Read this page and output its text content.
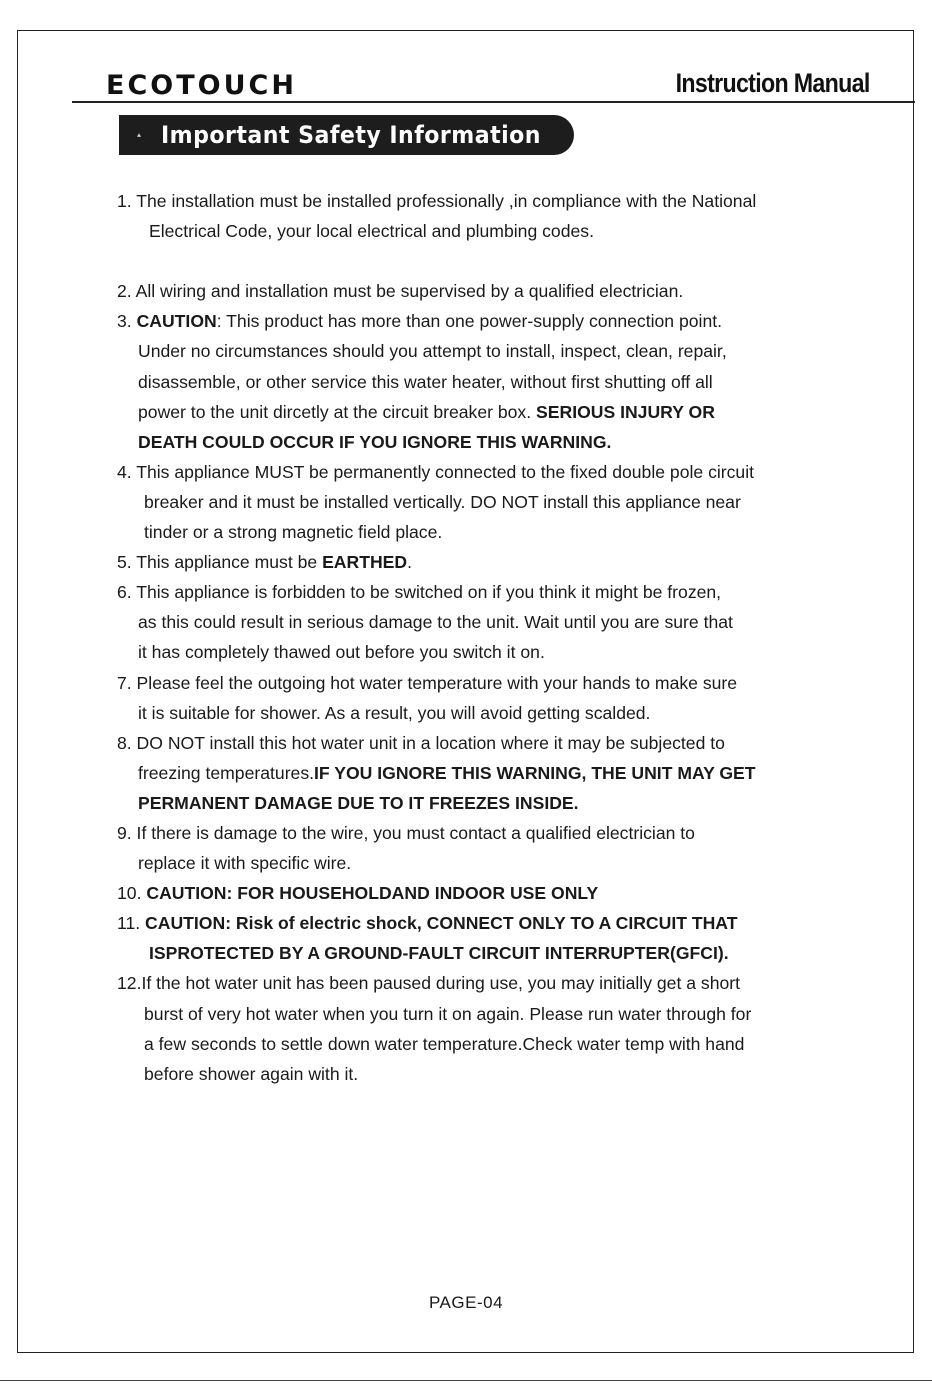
ECOTOUCH	Instruction Manual
Important Safety Information
1. The installation must be installed professionally ,in compliance with the National
Electrical Code, your local electrical and plumbing codes.
2. All wiring and installation must be supervised by a qualified electrician.
3. CAUTION: This product has more than one power-supply connection point.
Under no circumstances should you attempt to install, inspect, clean, repair,
disassemble, or other service this water heater, without first shutting off all
power to the unit dircetly at the circuit breaker box. SERIOUS INJURY OR
DEATH COULD OCCUR IF YOU IGNORE THIS WARNING.
4. This appliance MUST be permanently connected to the fixed double pole circuit
breaker and it must be installed vertically. DO NOT install this appliance near
tinder or a strong magnetic field place.
5. This appliance must be EARTHED.
6. This appliance is forbidden to be switched on if you think it might be frozen,
as this could result in serious damage to the unit. Wait until you are sure that
it has completely thawed out before you switch it on.
7. Please feel the outgoing hot water temperature with your hands to make sure
it is suitable for shower. As a result, you will avoid getting scalded.
8. DO NOT install this hot water unit in a location where it may be subjected to
freezing temperatures.IF YOU IGNORE THIS WARNING, THE UNIT MAY GET
PERMANENT DAMAGE DUE TO IT FREEZES INSIDE.
9. If there is damage to the wire, you must contact a qualified electrician to
replace it with specific wire.
10. CAUTION: FOR HOUSEHOLDAND INDOOR USE ONLY
11. CAUTION: Risk of electric shock, CONNECT ONLY TO A CIRCUIT THAT
ISPROTECTED BY A GROUND-FAULT CIRCUIT INTERRUPTER(GFCI).
12.If the hot water unit has been paused during use, you may initially get a short
burst of very hot water when you turn it on again. Please run water through for
a few seconds to settle down water temperature.Check water temp with hand
before shower again with it.
PAGE-04
